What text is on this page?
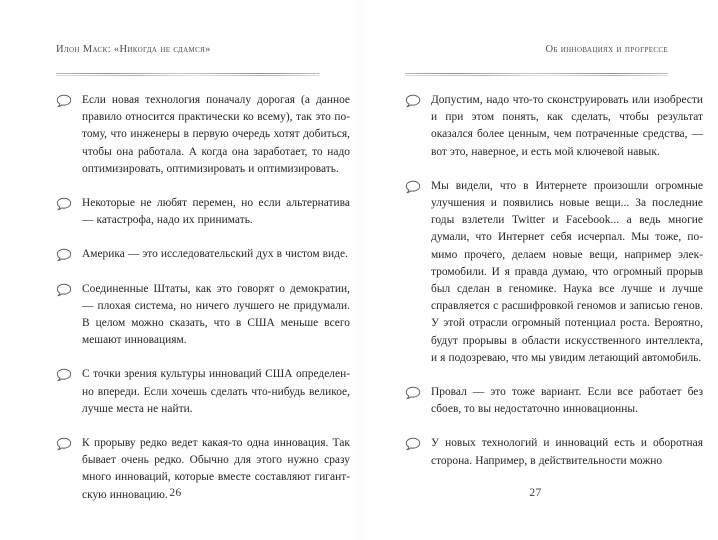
Илон Маск: «Никогда не сдамся»
Если новая технология поначалу дорогая (а данное правило относится практически ко всему), так это потому, что инженеры в первую очередь хотят добиться, чтобы она работала. А когда она заработает, то надо оптимизировать, оптимизировать и оптимизировать.
Некоторые не любят перемен, но если альтернатива — катастрофа, надо их принимать.
Америка — это исследовательский дух в чистом виде.
Соединенные Штаты, как это говорят о демократии, — плохая система, но ничего лучшего не придумали. В целом можно сказать, что в США меньше всего мешают инновациям.
С точки зрения культуры инноваций США определенно впереди. Если хочешь сделать что-нибудь великое, лучше места не найти.
К прорыву редко ведет какая-то одна инновация. Так бывает очень редко. Обычно для этого нужно сразу много инноваций, которые вместе составляют гигантскую инновацию. 26
Об инновациях и прогрессе
Допустим, надо что-то сконструировать или изобрести и при этом понять, как сделать, чтобы результат оказался более ценным, чем потраченные средства, — вот это, наверное, и есть мой ключевой навык.
Мы видели, что в Интернете произошли огромные улучшения и появились новые вещи... За последние годы взлетели Twitter и Facebook... а ведь многие думали, что Интернет себя исчерпал. Мы тоже, помимо прочего, делаем новые вещи, например электромобили. И я правда думаю, что огромный прорыв был сделан в геномике. Наука все лучше и лучше справляется с расшифровкой геномов и записью генов. У этой отрасли огромный потенциал роста. Вероятно, будут прорывы в области искусственного интеллекта, и я подозреваю, что мы увидим летающий автомобиль.
Провал — это тоже вариант. Если все работает без сбоев, то вы недостаточно инновационны.
У новых технологий и инноваций есть и оборотная сторона. Например, в действительности можно
27
